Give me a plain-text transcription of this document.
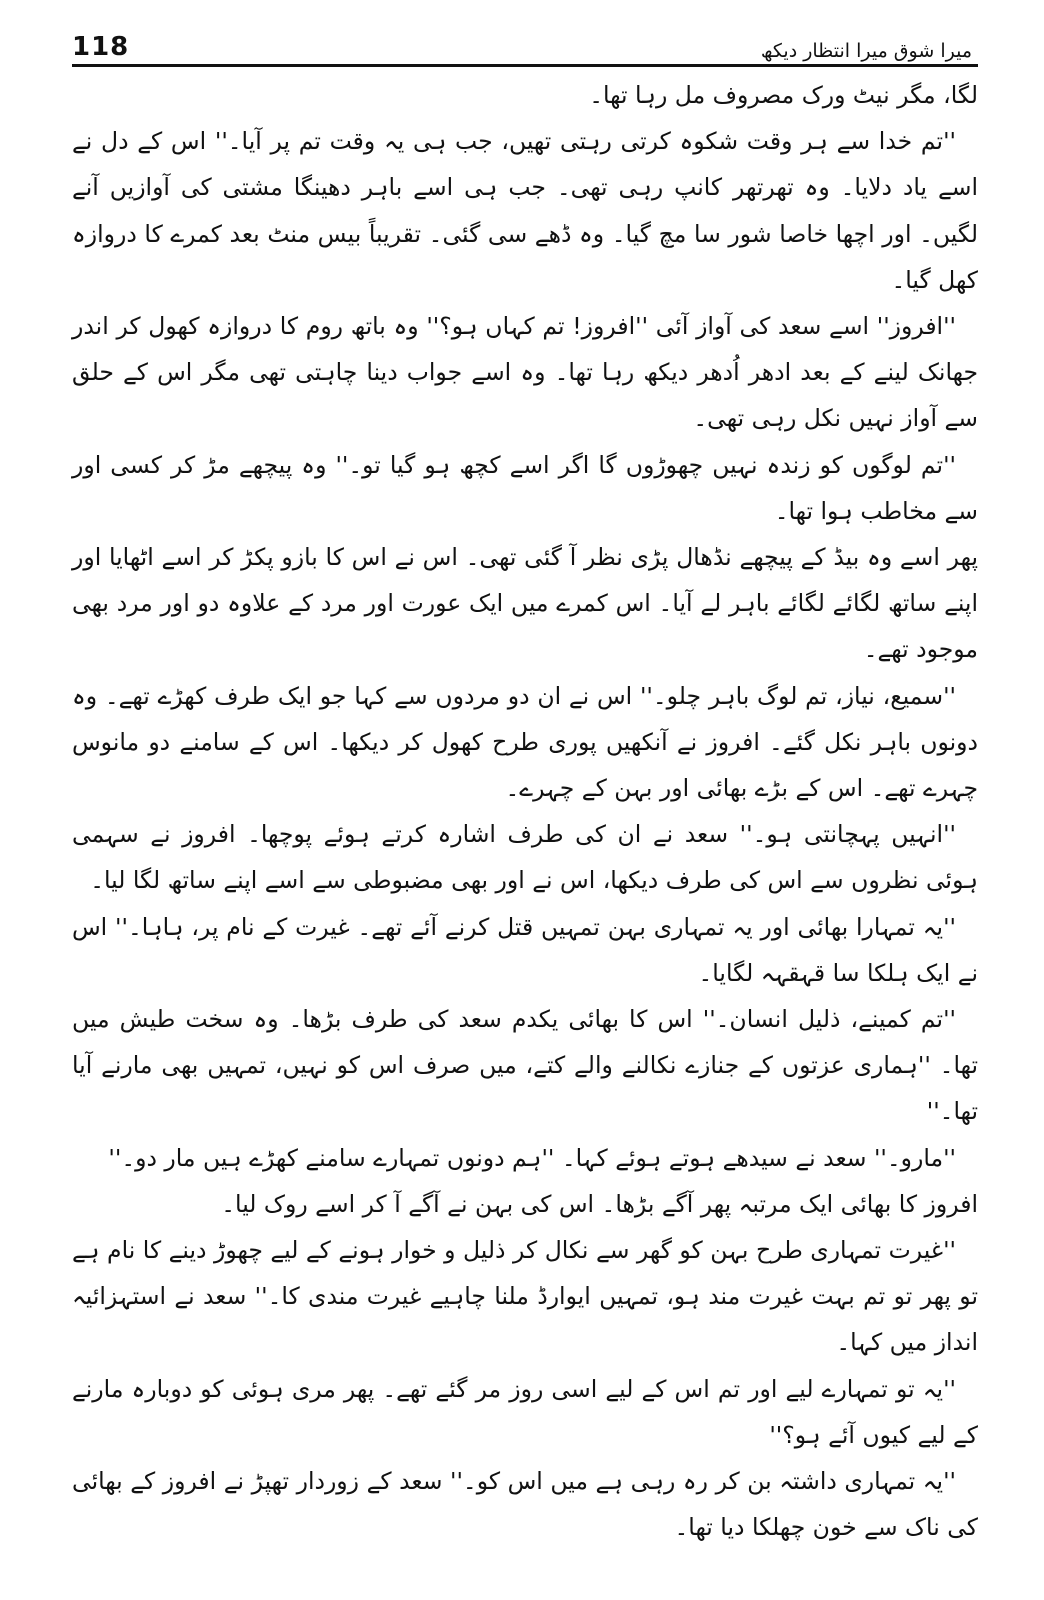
118	میرا شوق میرا انتظار دیکھ

لگا، مگر نیٹ ورک مصروف مل رہا تھا۔

''تم خدا سے ہر وقت شکوہ کرتی رہتی تھیں، جب ہی یہ وقت تم پر آیا۔'' اس کے دل نے اسے یاد دلایا۔ وہ تھرتھر کانپ رہی تھی۔ جب ہی اسے باہر دھینگا مشتی کی آوازیں آنے لگیں۔ اور اچھا خاصا شور سا مچ گیا۔ وہ ڈھے سی گئی۔ تقریباً بیس منٹ بعد کمرے کا دروازہ کھل گیا۔

''افروز'' اسے سعد کی آواز آئی ''افروز! تم کہاں ہو؟'' وہ باتھ روم کا دروازہ کھول کر اندر جھانک لینے کے بعد ادھر اُدھر دیکھ رہا تھا۔ وہ اسے جواب دینا چاہتی تھی مگر اس کے حلق سے آواز نہیں نکل رہی تھی۔

''تم لوگوں کو زندہ نہیں چھوڑوں گا اگر اسے کچھ ہو گیا تو۔'' وہ پیچھے مڑ کر کسی اور سے مخاطب ہوا تھا۔

پھر اسے وہ بیڈ کے پیچھے نڈھال پڑی نظر آ گئی تھی۔ اس نے اس کا بازو پکڑ کر اسے اٹھایا اور اپنے ساتھ لگائے لگائے باہر لے آیا۔ اس کمرے میں ایک عورت اور مرد کے علاوہ دو اور مرد بھی موجود تھے۔

''سمیع، نیاز، تم لوگ باہر چلو۔'' اس نے ان دو مردوں سے کہا جو ایک طرف کھڑے تھے۔ وہ دونوں باہر نکل گئے۔ افروز نے آنکھیں پوری طرح کھول کر دیکھا۔ اس کے سامنے دو مانوس چہرے تھے۔ اس کے بڑے بھائی اور بہن کے چہرے۔

''انہیں پہچانتی ہو۔'' سعد نے ان کی طرف اشارہ کرتے ہوئے پوچھا۔ افروز نے سہمی ہوئی نظروں سے اس کی طرف دیکھا، اس نے اور بھی مضبوطی سے اسے اپنے ساتھ لگا لیا۔

''یہ تمہارا بھائی اور یہ تمہاری بہن تمہیں قتل کرنے آئے تھے۔ غیرت کے نام پر، ہاہا۔'' اس نے ایک ہلکا سا قہقہہ لگایا۔

''تم کمینے، ذلیل انسان۔'' اس کا بھائی یکدم سعد کی طرف بڑھا۔ وہ سخت طیش میں تھا۔ ''ہماری عزتوں کے جنازے نکالنے والے کتے، میں صرف اس کو نہیں، تمہیں بھی مارنے آیا تھا۔''

''مارو۔'' سعد نے سیدھے ہوتے ہوئے کہا۔ ''ہم دونوں تمہارے سامنے کھڑے ہیں مار دو۔''

افروز کا بھائی ایک مرتبہ پھر آگے بڑھا۔ اس کی بہن نے آگے آ کر اسے روک لیا۔

''غیرت تمہاری طرح بہن کو گھر سے نکال کر ذلیل و خوار ہونے کے لیے چھوڑ دینے کا نام ہے تو پھر تو تم بہت غیرت مند ہو، تمہیں ایوارڈ ملنا چاہیے غیرت مندی کا۔'' سعد نے استہزائیہ انداز میں کہا۔

''یہ تو تمہارے لیے اور تم اس کے لیے اسی روز مر گئے تھے۔ پھر مری ہوئی کو دوبارہ مارنے کے لیے کیوں آئے ہو؟''

''یہ تمہاری داشتہ بن کر رہ رہی ہے میں اس کو۔'' سعد کے زوردار تھپڑ نے افروز کے بھائی کی ناک سے خون چھلکا دیا تھا۔
